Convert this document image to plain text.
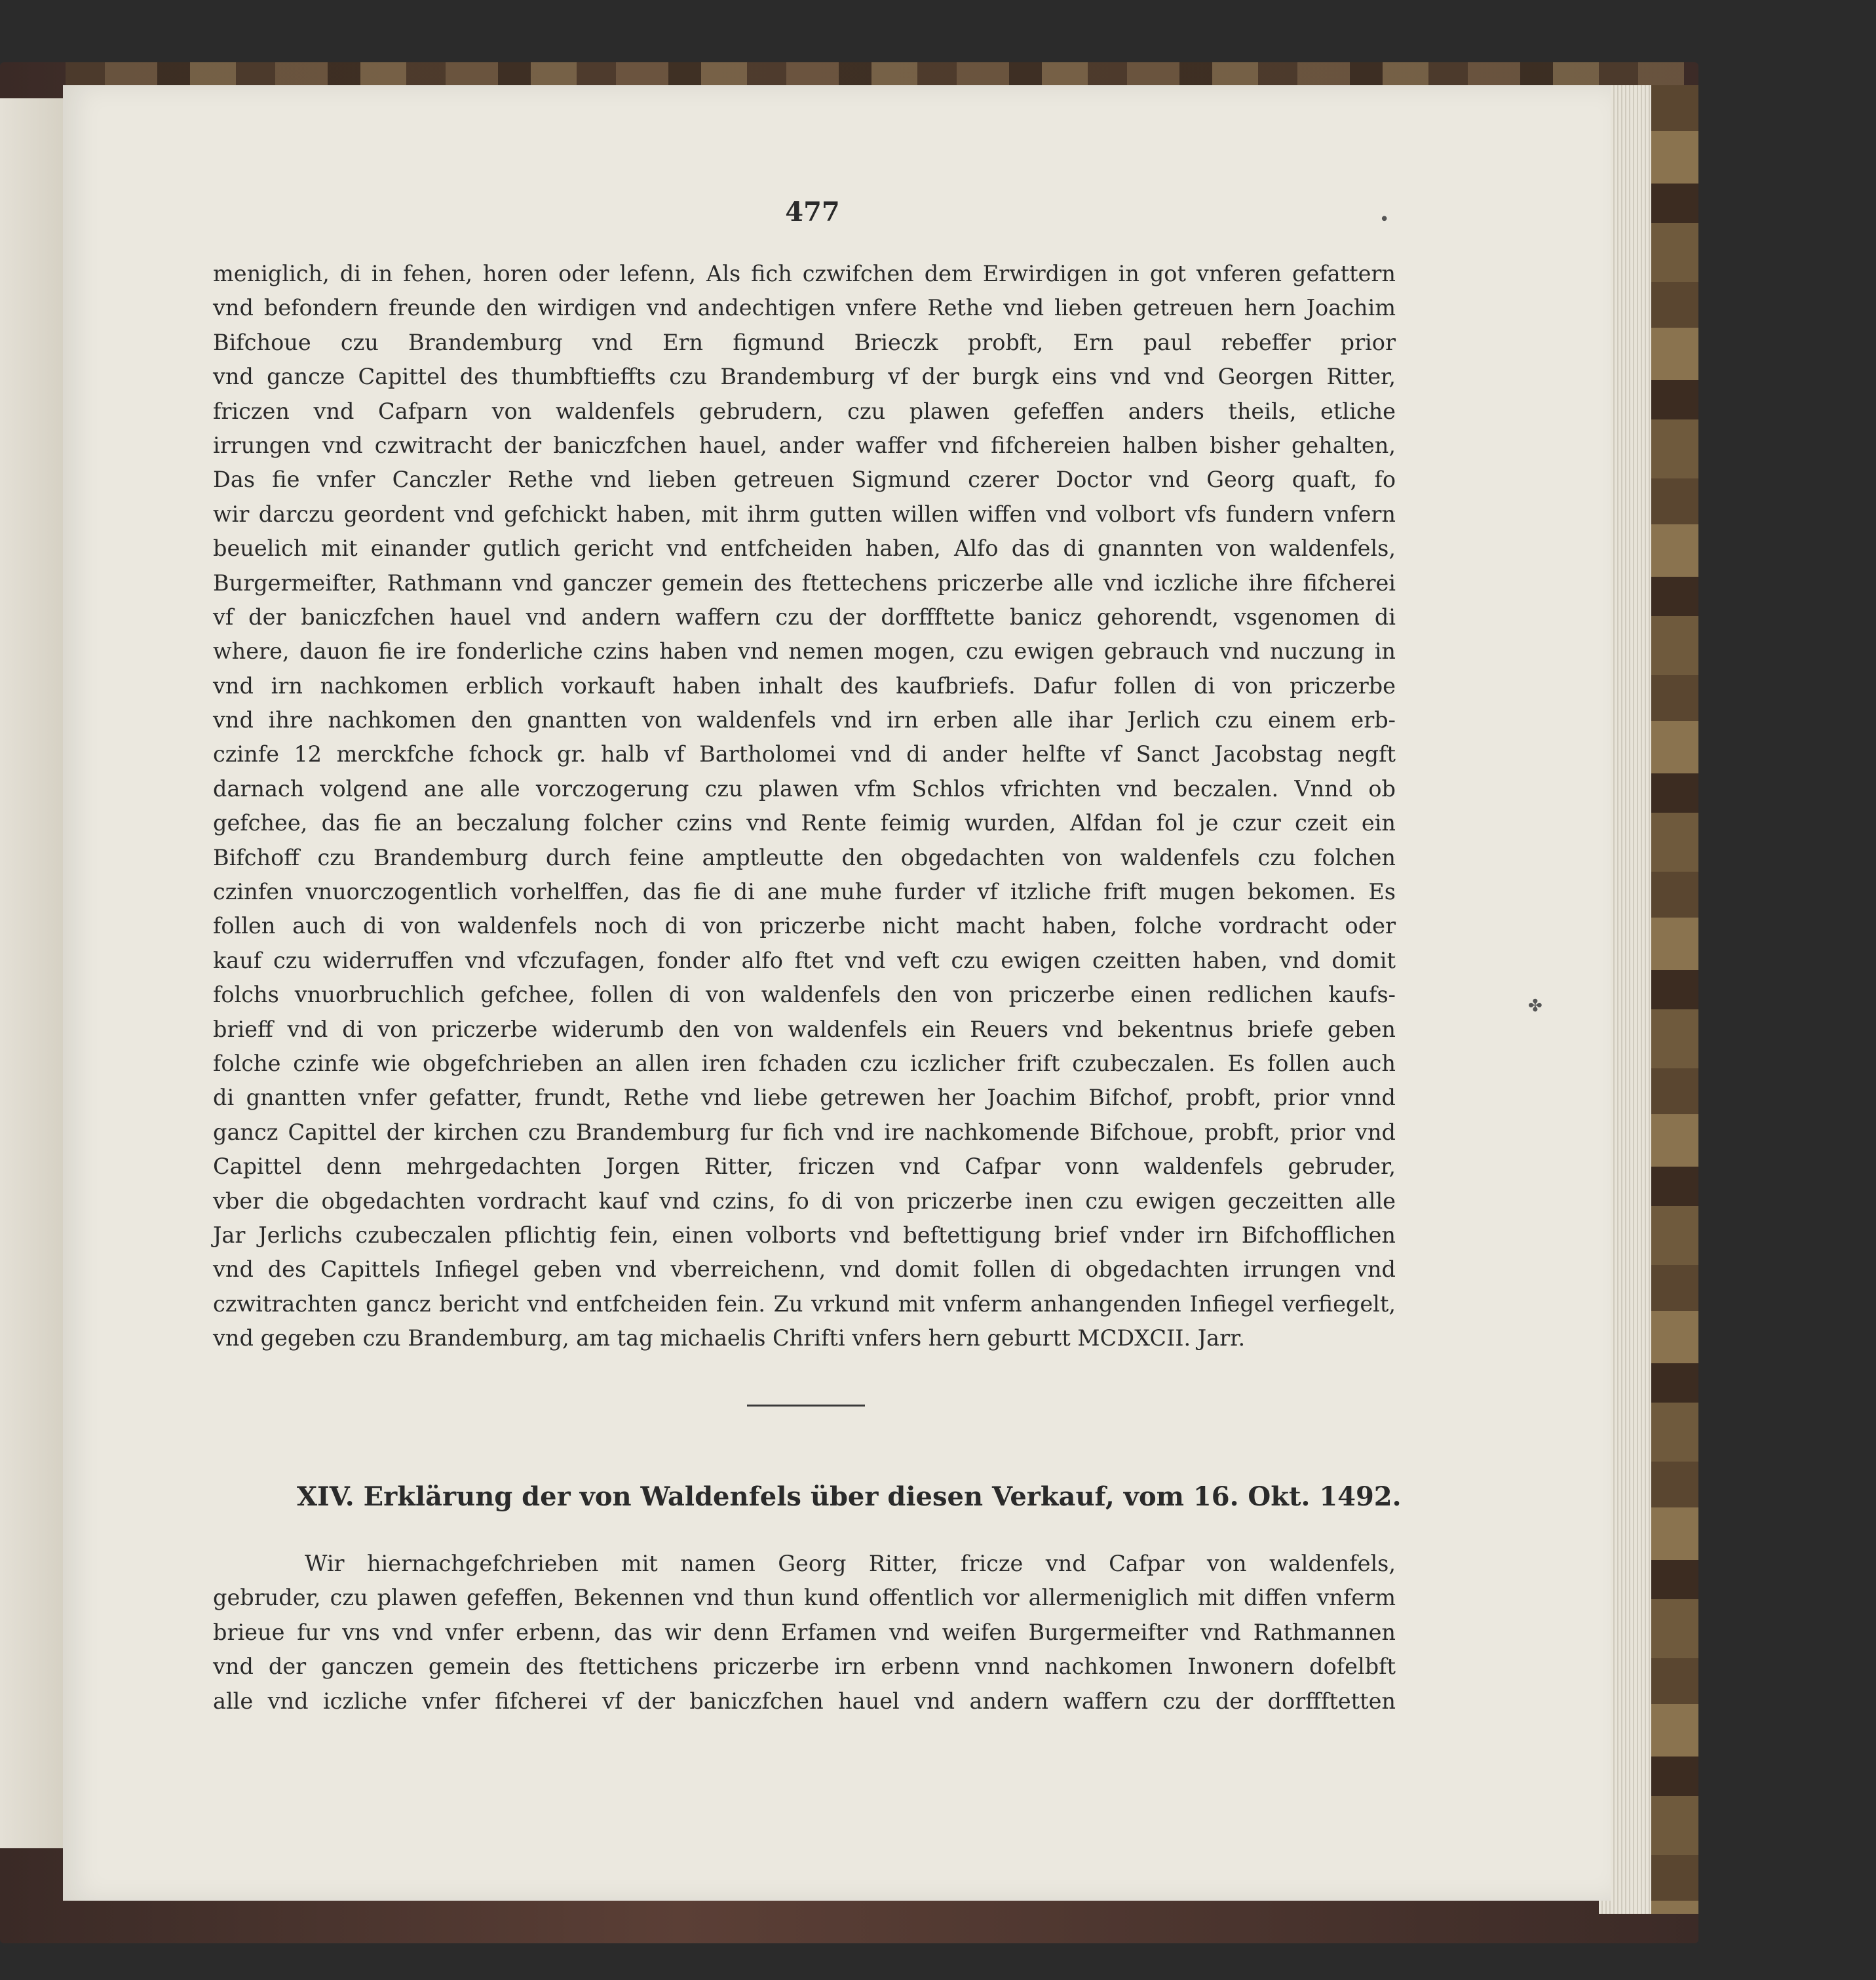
477
meniglich, di in fehen, horen oder lefenn, Als fich czwifchen dem Erwirdigen in got vnferen gefattern
vnd befondern freunde den wirdigen vnd andechtigen vnfere Rethe vnd lieben getreuen hern Joachim
Bifchoue czu Brandemburg vnd Ern figmund Brieczk probft, Ern paul rebeffer prior
vnd gancze Capittel des thumbftieffts czu Brandemburg vf der burgk eins vnd vnd Georgen Ritter,
friczen vnd Cafparn von waldenfels gebrudern, czu plawen gefeffen anders theils, etliche
irrungen vnd czwitracht der baniczfchen hauel, ander waffer vnd fifchereien halben bisher gehalten,
Das fie vnfer Canczler Rethe vnd lieben getreuen Sigmund czerer Doctor vnd Georg quaft, fo
wir darczu geordent vnd gefchickt haben, mit ihrm gutten willen wiffen vnd volbort vfs fundern vnfern
beuelich mit einander gutlich gericht vnd entfcheiden haben, Alfo das di gnannten von waldenfels,
Burgermeifter, Rathmann vnd ganczer gemein des ftettechens priczerbe alle vnd iczliche ihre fifcherei
vf der baniczfchen hauel vnd andern waffern czu der dorffftette banicz gehorendt, vsgenomen di
where, dauon fie ire fonderliche czins haben vnd nemen mogen, czu ewigen gebrauch vnd nuczung in
vnd irn nachkomen erblich vorkauft haben inhalt des kaufbriefs. Dafur follen di von priczerbe
vnd ihre nachkomen den gnantten von waldenfels vnd irn erben alle ihar Jerlich czu einem erb-
czinfe 12 merckfche fchock gr. halb vf Bartholomei vnd di ander helfte vf Sanct Jacobstag negft
darnach volgend ane alle vorczogerung czu plawen vfm Schlos vfrichten vnd beczalen. Vnnd ob
gefchee, das fie an beczalung folcher czins vnd Rente feimig wurden, Alfdan fol je czur czeit ein
Bifchoff czu Brandemburg durch feine amptleutte den obgedachten von waldenfels czu folchen
czinfen vnuorczogentlich vorhelffen, das fie di ane muhe furder vf itzliche frift mugen bekomen. Es
follen auch di von waldenfels noch di von priczerbe nicht macht haben, folche vordracht oder
kauf czu widerruffen vnd vfczufagen, fonder alfo ftet vnd veft czu ewigen czeitten haben, vnd domit
folchs vnuorbruchlich gefchee, follen di von waldenfels den von priczerbe einen redlichen kaufs-
brieff vnd di von priczerbe widerumb den von waldenfels ein Reuers vnd bekentnus briefe geben
folche czinfe wie obgefchrieben an allen iren fchaden czu iczlicher frift czubeczalen. Es follen auch
di gnantten vnfer gefatter, frundt, Rethe vnd liebe getrewen her Joachim Bifchof, probft, prior vnnd
gancz Capittel der kirchen czu Brandemburg fur fich vnd ire nachkomende Bifchoue, probft, prior vnd
Capittel denn mehrgedachten Jorgen Ritter, friczen vnd Cafpar vonn waldenfels gebruder,
vber die obgedachten vordracht kauf vnd czins, fo di von priczerbe inen czu ewigen geczeitten alle
Jar Jerlichs czubeczalen pflichtig fein, einen volborts vnd beftettigung brief vnder irn Bifchofflichen
vnd des Capittels Infiegel geben vnd vberreichenn, vnd domit follen di obgedachten irrungen vnd
czwitrachten gancz bericht vnd entfcheiden fein. Zu vrkund mit vnferm anhangenden Infiegel verfiegelt,
vnd gegeben czu Brandemburg, am tag michaelis Chrifti vnfers hern geburtt MCDXCII. Jarr.
XIV. Erklärung der von Waldenfels über diesen Verkauf, vom 16. Okt. 1492.
Wir hiernachgefchrieben mit namen Georg Ritter, fricze vnd Cafpar von waldenfels,
gebruder, czu plawen gefeffen, Bekennen vnd thun kund offentlich vor allermeniglich mit diffen vnferm
brieue fur vns vnd vnfer erbenn, das wir denn Erfamen vnd weifen Burgermeifter vnd Rathmannen
vnd der ganczen gemein des ftettichens priczerbe irn erbenn vnnd nachkomen Inwonern dofelbft
alle vnd iczliche vnfer fifcherei vf der baniczfchen hauel vnd andern waffern czu der dorffftetten
✤
•
